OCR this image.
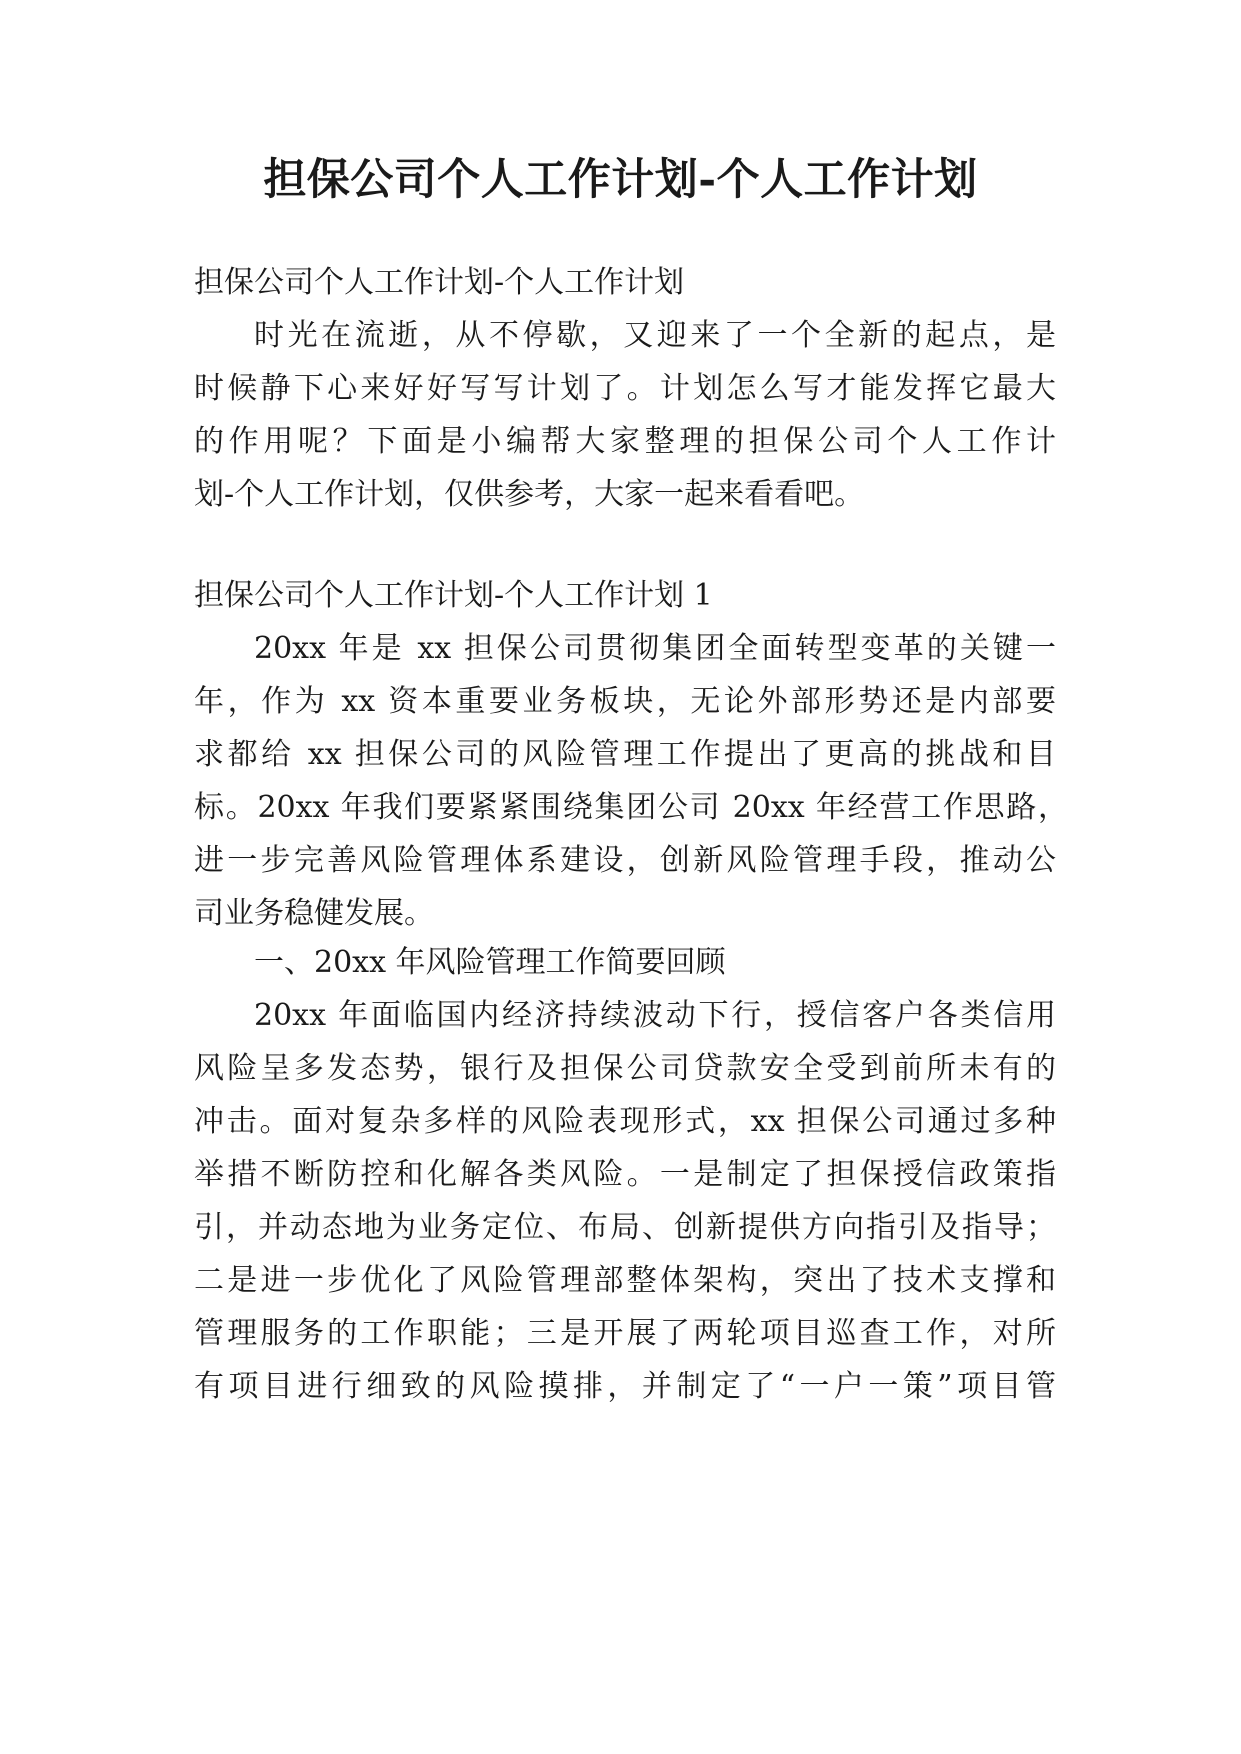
担保公司个人工作计划-个人工作计划
担保公司个人工作计划-个人工作计划
时光在流逝，从不停歇，又迎来了一个全新的起点，是
时候静下心来好好写写计划了。计划怎么写才能发挥它最大
的作用呢？下面是小编帮大家整理的担保公司个人工作计
划-个人工作计划，仅供参考，大家一起来看看吧。
担保公司个人工作计划-个人工作计划 1
20xx 年是 xx 担保公司贯彻集团全面转型变革的关键一
年，作为 xx 资本重要业务板块，无论外部形势还是内部要
求都给 xx 担保公司的风险管理工作提出了更高的挑战和目
标。20xx 年我们要紧紧围绕集团公司 20xx 年经营工作思路，
进一步完善风险管理体系建设，创新风险管理手段，推动公
司业务稳健发展。
一、20xx 年风险管理工作简要回顾
20xx 年面临国内经济持续波动下行，授信客户各类信用
风险呈多发态势，银行及担保公司贷款安全受到前所未有的
冲击。面对复杂多样的风险表现形式，xx 担保公司通过多种
举措不断防控和化解各类风险。一是制定了担保授信政策指
引，并动态地为业务定位、布局、创新提供方向指引及指导；
二是进一步优化了风险管理部整体架构，突出了技术支撑和
管理服务的工作职能；三是开展了两轮项目巡查工作，对所
有项目进行细致的风险摸排，并制定了“一户一策”项目管
